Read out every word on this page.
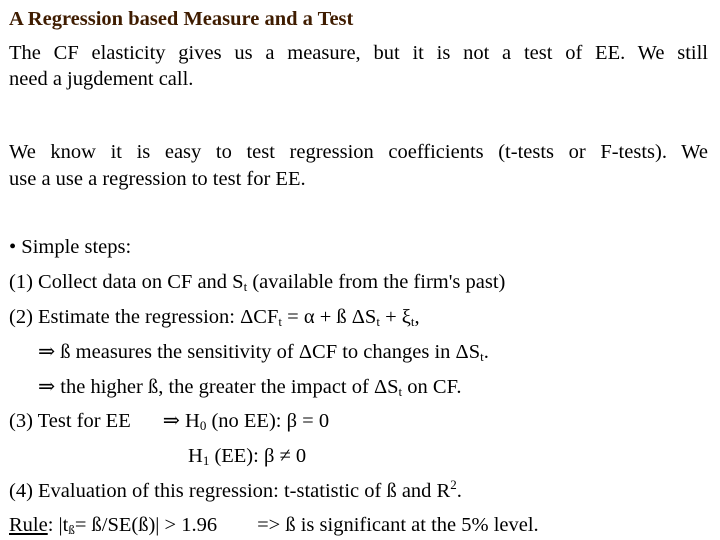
A Regression based Measure and a Test
The CF elasticity gives us a measure, but it is not a test of EE. We still
need a jugdement call.
We know it is easy to test regression coefficients (t-tests or F-tests). We
use a use a regression to test for EE.
• Simple steps:
(1) Collect data on CF and $S_t$ (available from the firm's past)
(2) Estimate the regression: $\Delta CF_t = \alpha$ + ß $\Delta S_t + \xi_t$,
⇒ ß measures the sensitivity of ΔCF to changes in $\Delta S_t$.
⇒ the higher ß, the greater the impact of $\Delta S_t$ on CF.
(3) Test for EE ⇒ $H_0$ (no EE): β = 0
$H_1$ (EE): β ≠ 0
(4) Evaluation of this regression: t-statistic of ß and $R^2$.
Rule: $|t_ß=$ ß/SE(ß)| > 1.96 => ß is significant at the 5% level.
